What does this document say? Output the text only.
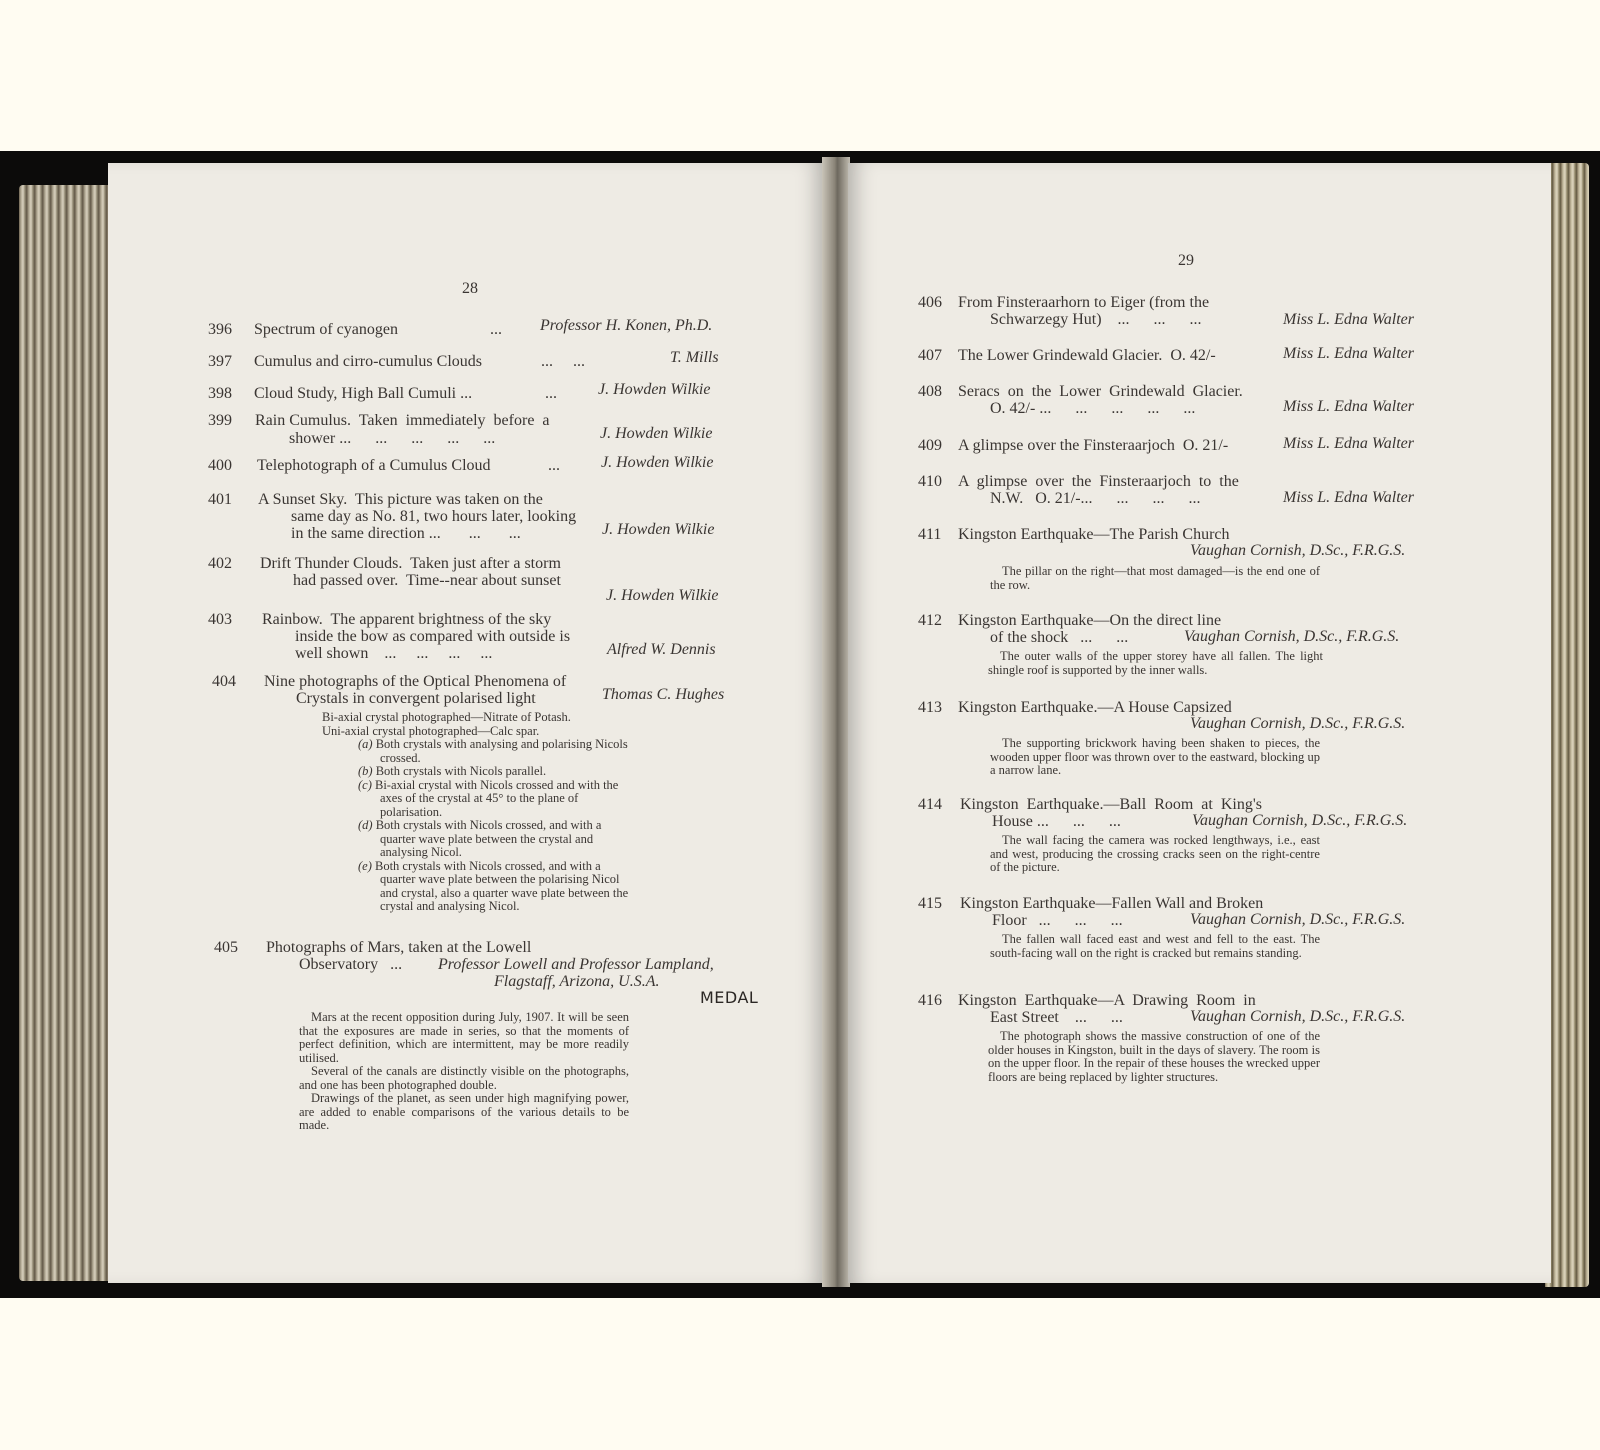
28
396 Spectrum of cyanogen	... Professor H. Konen, Ph.D.
397 Cumulus and cirro-cumulus Clouds	...     ...	T. Mills
398 Cloud Study, High Ball Cumuli ...	...	J. Howden Wilkie
399 Rain Cumulus.  Taken  immediately  before  a
shower ...      ...      ...      ...      ...	J. Howden Wilkie
400 Telephotograph of a Cumulus Cloud	...	J. Howden Wilkie
401 A Sunset Sky.  This picture was taken on the
same day as No. 81, two hours later, looking
in the same direction ...       ...       ...	J. Howden Wilkie
402 Drift Thunder Clouds.  Taken just after a storm
had passed over.  Time--near about sunset
J. Howden Wilkie
403 Rainbow.  The apparent brightness of the sky
inside the bow as compared with outside is
well shown    ...     ...     ...     ...	Alfred W. Dennis
404 Nine photographs of the Optical Phenomena of
Crystals in convergent polarised light	Thomas C. Hughes
Bi-axial crystal photographed—Nitrate of Potash.
Uni-axial crystal photographed—Calc spar.
(a) Both crystals with analysing and polarising Nicols crossed.
(b) Both crystals with Nicols parallel.
(c) Bi-axial crystal with Nicols crossed and with the axes of the crystal at 45° to the plane of polarisation.
(d) Both crystals with Nicols crossed, and with a quarter wave plate between the crystal and analysing Nicol.
(e) Both crystals with Nicols crossed, and with a quarter wave plate between the polarising Nicol and crystal, also a quarter wave plate between the crystal and analysing Nicol.
405 Photographs of Mars, taken at the Lowell
Observatory   ... Professor Lowell and Professor Lampland,
Flagstaff, Arizona, U.S.A.
MEDAL

Mars at the recent opposition during July, 1907. It will be seen that the exposures are made in series, so that the moments of perfect definition, which are intermittent, may be more readily utilised.

Several of the canals are distinctly visible on the photographs, and one has been photographed double.

Drawings of the planet, as seen under high magnifying power, are added to enable comparisons of the various details to be made.

29
406 From Finsteraarhorn to Eiger (from the
Schwarzegy Hut)    ...      ...      ...	Miss L. Edna Walter
407 The Lower Grindewald Glacier.  O. 42/-	Miss L. Edna Walter
408 Seracs  on  the  Lower  Grindewald  Glacier.
O. 42/- ...      ...      ...      ...      ...	Miss L. Edna Walter
409 A glimpse over the Finsteraarjoch  O. 21/-	Miss L. Edna Walter
410 A  glimpse  over  the  Finsteraarjoch  to  the
N.W.   O. 21/-...      ...      ...      ...	Miss L. Edna Walter
411 Kingston Earthquake—The Parish Church
Vaughan Cornish, D.Sc., F.R.G.S.

The pillar on the right—that most damaged—is the end one of the row.

412 Kingston Earthquake—On the direct line
of the shock   ...      ...	Vaughan Cornish, D.Sc., F.R.G.S.

The outer walls of the upper storey have all fallen. The light shingle roof is supported by the inner walls.

413 Kingston Earthquake.—A House Capsized
Vaughan Cornish, D.Sc., F.R.G.S.

The supporting brickwork having been shaken to pieces, the wooden upper floor was thrown over to the eastward, blocking up a narrow lane.

414 Kingston  Earthquake.—Ball  Room  at  King's
House ...      ...      ...	Vaughan Cornish, D.Sc., F.R.G.S.

The wall facing the camera was rocked lengthways, i.e., east and west, producing the crossing cracks seen on the right-centre of the picture.

415 Kingston Earthquake—Fallen Wall and Broken
Floor   ...      ...      ...	Vaughan Cornish, D.Sc., F.R.G.S.

The fallen wall faced east and west and fell to the east. The south-facing wall on the right is cracked but remains standing.

416 Kingston  Earthquake—A  Drawing  Room  in
East Street    ...      ...	Vaughan Cornish, D.Sc., F.R.G.S.

The photograph shows the massive construction of one of the older houses in Kingston, built in the days of slavery. The room is on the upper floor. In the repair of these houses the wrecked upper floors are being replaced by lighter structures.
